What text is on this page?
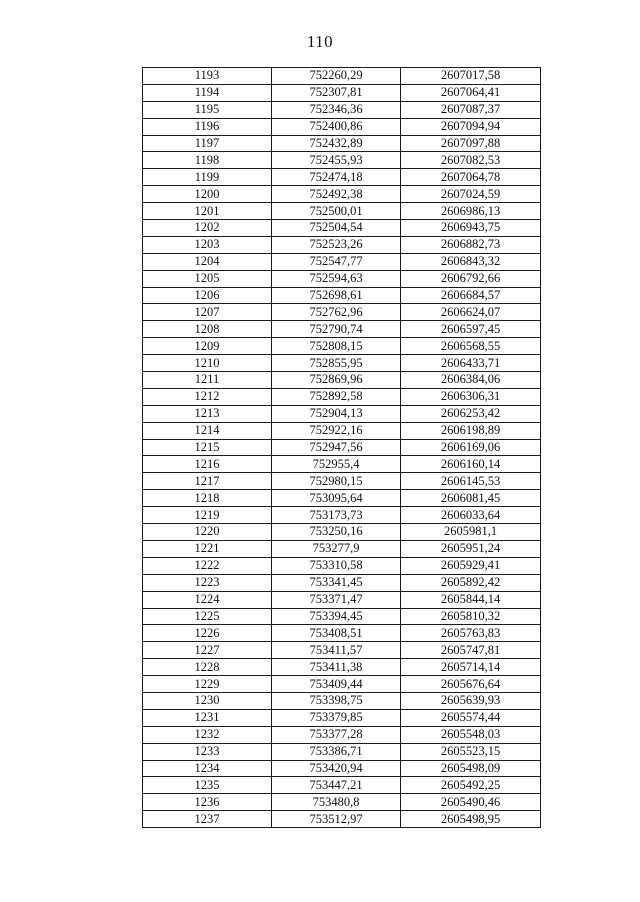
110
1193	752260,29	2607017,58
1194	752307,81	2607064,41
1195	752346,36	2607087,37
1196	752400,86	2607094,94
1197	752432,89	2607097,88
1198	752455,93	2607082,53
1199	752474,18	2607064,78
1200	752492,38	2607024,59
1201	752500,01	2606986,13
1202	752504,54	2606943,75
1203	752523,26	2606882,73
1204	752547,77	2606843,32
1205	752594,63	2606792,66
1206	752698,61	2606684,57
1207	752762,96	2606624,07
1208	752790,74	2606597,45
1209	752808,15	2606568,55
1210	752855,95	2606433,71
1211	752869,96	2606384,06
1212	752892,58	2606306,31
1213	752904,13	2606253,42
1214	752922,16	2606198,89
1215	752947,56	2606169,06
1216	752955,4	2606160,14
1217	752980,15	2606145,53
1218	753095,64	2606081,45
1219	753173,73	2606033,64
1220	753250,16	2605981,1
1221	753277,9	2605951,24
1222	753310,58	2605929,41
1223	753341,45	2605892,42
1224	753371,47	2605844,14
1225	753394,45	2605810,32
1226	753408,51	2605763,83
1227	753411,57	2605747,81
1228	753411,38	2605714,14
1229	753409,44	2605676,64
1230	753398,75	2605639,93
1231	753379,85	2605574,44
1232	753377,28	2605548,03
1233	753386,71	2605523,15
1234	753420,94	2605498,09
1235	753447,21	2605492,25
1236	753480,8	2605490,46
1237	753512,97	2605498,95
